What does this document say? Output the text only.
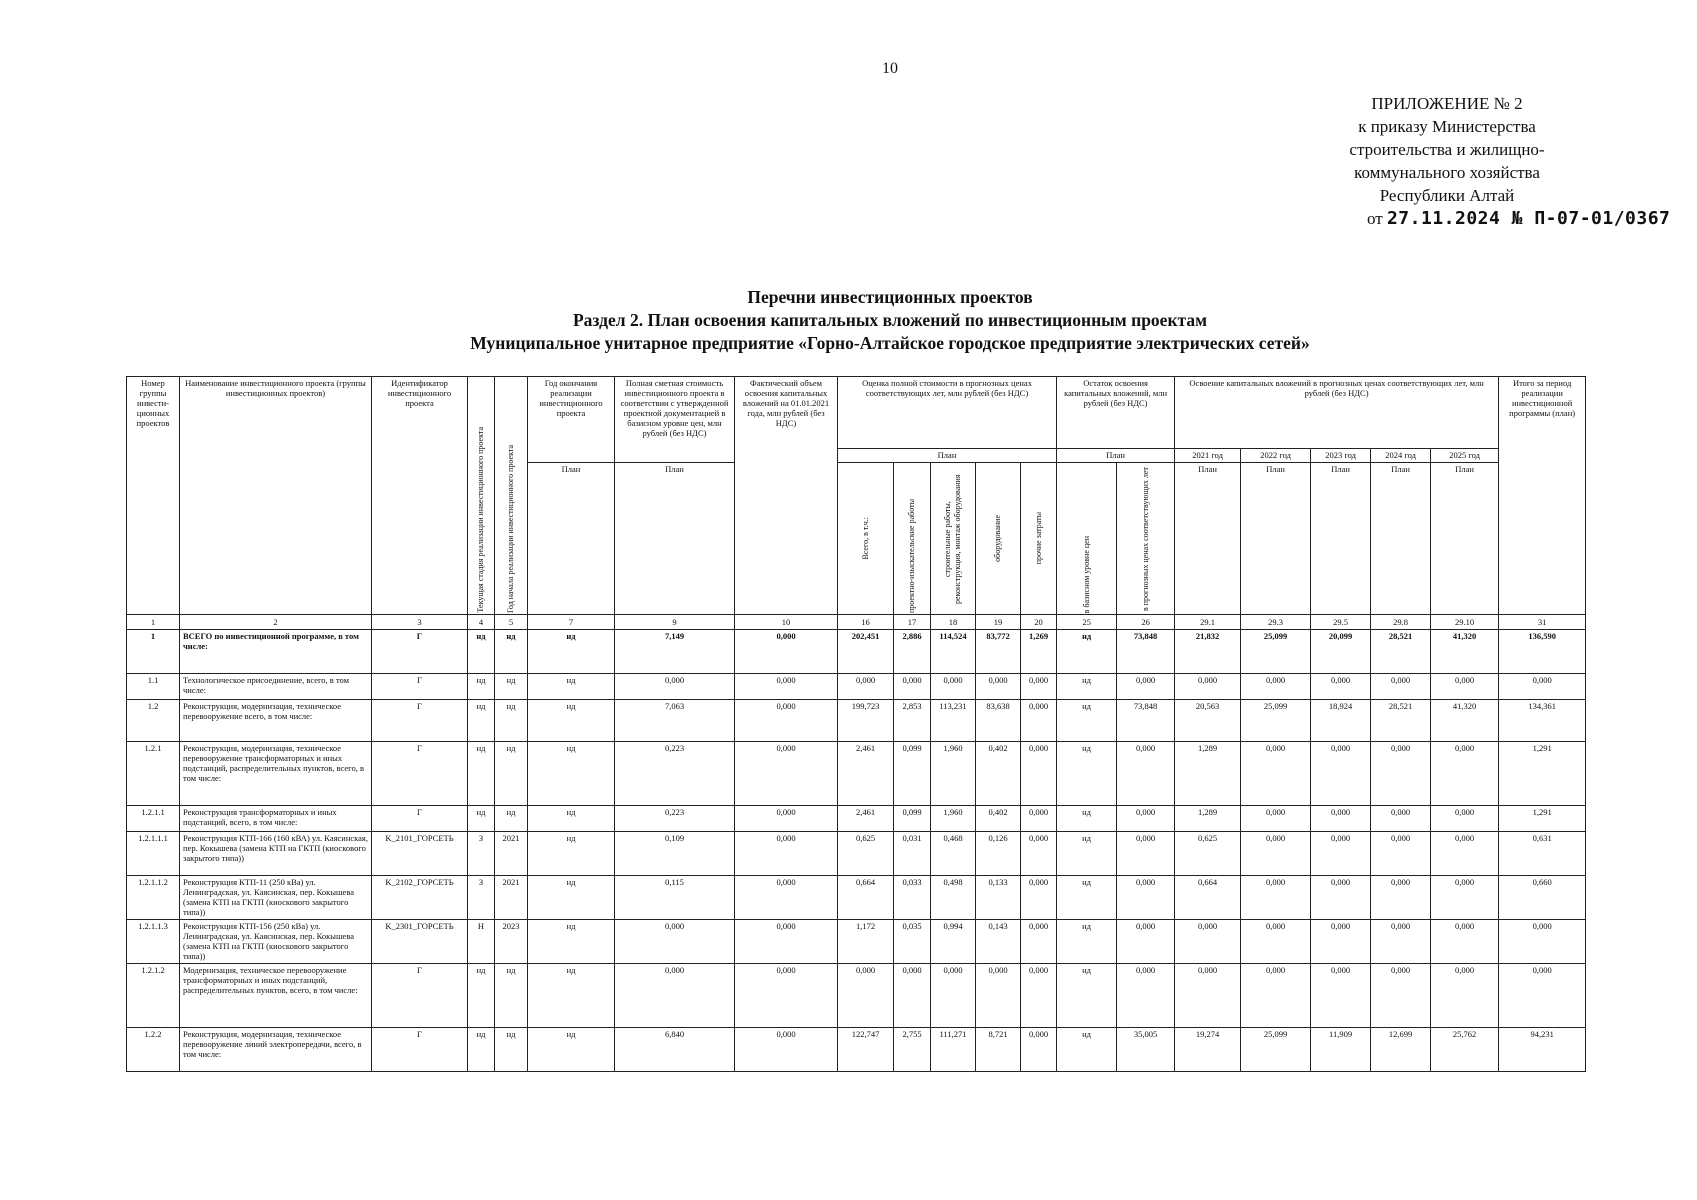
10
ПРИЛОЖЕНИЕ № 2
к приказу Министерства
строительства и жилищно-
коммунального хозяйства
Республики Алтай
от 27.11.2024 № П-07-01/0367
Перечни инвестиционных проектов
Раздел 2. План освоения капитальных вложений по инвестиционным проектам
Муниципальное унитарное предприятие «Горно-Алтайское городское предприятие электрических сетей»
Номер группы инвести-ционных проектов	Наименование инвестиционного проекта (группы инвестиционных проектов)	Идентификатор инвестиционного проекта	Текущая стадия реализации инвестиционного проекта	Год начала реализации инвестиционного проекта	Год окончания реализации инвестиционного проекта	Полная сметная стоимость инвестиционного проекта в соответствии с утвержденной проектной документацией в базисном уровне цен, млн рублей (без НДС)	Фактический объем освоения капитальных вложений на 01.01.2021 года, млн рублей (без НДС)	Оценка полной стоимости в прогнозных ценах соответствующих лет, млн рублей (без НДС)					Остаток освоения капитальных вложений, млн рублей (без НДС)		Освоение капитальных вложений в прогнозных ценах соответствующих лет, млн рублей (без НДС)					Итого за период реализации инвестиционной программы (план)
								План					План		2021 год	2022 год	2023 год	2024 год	2025 год	
					План	План		Всего, в т.ч.:	проектно-изыскательские работы	строительные работы, реконструкция, монтаж оборудования	оборудование	прочие затраты	в базисном уровне цен	в прогнозных ценах соответствующих лет	План	План	План	План	План	
1	2	3	4	5	7	9	10	16	17	18	19	20	25	26	29.1	29.3	29.5	29.8	29.10	31
1	ВСЕГО по инвестиционной программе, в том числе:	Г	нд	нд	нд	7,149	0,000	202,451	2,886	114,524	83,772	1,269	нд	73,848	21,832	25,099	20,099	28,521	41,320	136,590
1.1	Технологическое присоединение, всего, в том числе:	Г	нд	нд	нд	0,000	0,000	0,000	0,000	0,000	0,000	0,000	нд	0,000	0,000	0,000	0,000	0,000	0,000	0,000
1.2	Реконструкция, модернизация, техническое перевооружение всего, в том числе:	Г	нд	нд	нд	7,063	0,000	199,723	2,853	113,231	83,638	0,000	нд	73,848	20,563	25,099	18,924	28,521	41,320	134,361
1.2.1	Реконструкция, модернизация, техническое перевооружение трансформаторных и иных подстанций, распределительных пунктов, всего, в том числе:	Г	нд	нд	нд	0,223	0,000	2,461	0,099	1,960	0,402	0,000	нд	0,000	1,289	0,000	0,000	0,000	0,000	1,291
1.2.1.1	Реконструкция трансформаторных и иных подстанций, всего, в том числе:	Г	нд	нд	нд	0,223	0,000	2,461	0,099	1,960	0,402	0,000	нд	0,000	1,289	0,000	0,000	0,000	0,000	1,291
1.2.1.1.1	Реконструкция КТП-166 (160 кВА) ул. Каясинская, пер. Кокышева (замена КТП на ГКТП (киоскового закрытого типа))	K_2101_ГОРСЕТЬ	З	2021	нд	0,109	0,000	0,625	0,031	0,468	0,126	0,000	нд	0,000	0,625	0,000	0,000	0,000	0,000	0,631
1.2.1.1.2	Реконструкция КТП-11 (250 кВа) ул. Ленинградская, ул. Каясинская, пер. Кокышева (замена КТП на ГКТП (киоскового закрытого типа))	K_2102_ГОРСЕТЬ	З	2021	нд	0,115	0,000	0,664	0,033	0,498	0,133	0,000	нд	0,000	0,664	0,000	0,000	0,000	0,000	0,660
1.2.1.1.3	Реконструкция КТП-156 (250 кВа) ул. Ленинградская, ул. Каясинская, пер. Кокышева (замена КТП на ГКТП (киоскового закрытого типа))	K_2301_ГОРСЕТЬ	Н	2023	нд	0,000	0,000	1,172	0,035	0,994	0,143	0,000	нд	0,000	0,000	0,000	0,000	0,000	0,000	0,000
1.2.1.2	Модернизация, техническое перевооружение трансформаторных и иных подстанций, распределительных пунктов, всего, в том числе:	Г	нд	нд	нд	0,000	0,000	0,000	0,000	0,000	0,000	0,000	нд	0,000	0,000	0,000	0,000	0,000	0,000	0,000
1.2.2	Реконструкция, модернизация, техническое перевооружение линий электропередачи, всего, в том числе:	Г	нд	нд	нд	6,840	0,000	122,747	2,755	111,271	8,721	0,000	нд	35,005	19,274	25,099	11,909	12,699	25,762	94,231
